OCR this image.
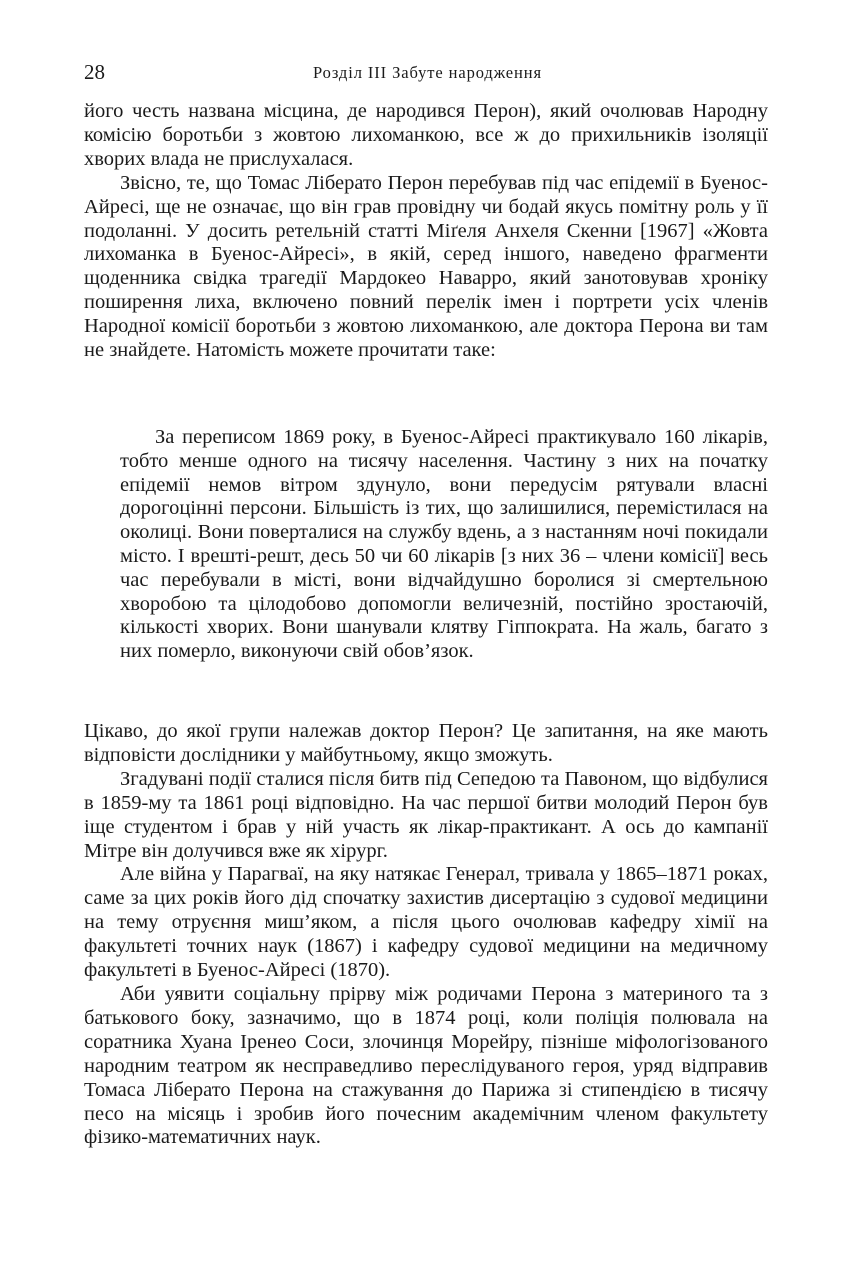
28	Розділ III Забуте народження

його честь названа місцина, де народився Перон), який очолював Народну комісію боротьби з жовтою лихоманкою, все ж до прихильників ізоляції хворих влада не прислухалася.

Звісно, те, що Томас Ліберато Перон перебував під час епідемії в Буенос-Айресі, ще не означає, що він грав провідну чи бодай якусь помітну роль у її подоланні. У досить ретельній статті Міґеля Анхеля Скенни [1967] «Жовта лихоманка в Буенос-Айресі», в якій, серед іншого, наведено фрагменти щоденника свідка трагедії Мардокео Наварро, який занотовував хроніку поширення лиха, включено повний перелік імен і портрети усіх членів Народної комісії боротьби з жовтою лихоманкою, але доктора Перона ви там не знайдете. Натомість можете прочитати таке:

За переписом 1869 року, в Буенос-Айресі практикувало 160 лікарів, тобто менше одного на тисячу населення. Частину з них на початку епідемії немов вітром здунуло, вони передусім рятували власні дорогоцінні персони. Більшість із тих, що залишилися, перемістилася на околиці. Вони поверталися на службу вдень, а з настанням ночі покидали місто. І врешті-решт, десь 50 чи 60 лікарів [з них 36 – члени комісії] весь час перебували в місті, вони відчайдушно боролися зі смертельною хворобою та цілодобово допомогли величезній, постійно зростаючій, кількості хворих. Вони шанували клятву Гіппократа. На жаль, багато з них померло, виконуючи свій обов’язок.

Цікаво, до якої групи належав доктор Перон? Це запитання, на яке мають відповісти дослідники у майбутньому, якщо зможуть.

Згадувані події сталися після битв під Сепедою та Павоном, що відбулися в 1859-му та 1861 році відповідно. На час першої битви молодий Перон був іще студентом і брав у ній участь як лікар-практикант. А ось до кампанії Мітре він долучився вже як хірург.

Але війна у Парагваї, на яку натякає Генерал, тривала у 1865–1871 роках, саме за цих років його дід спочатку захистив дисертацію з судової медицини на тему отруєння миш’яком, а після цього очолював кафедру хімії на факультеті точних наук (1867) і кафедру судової медицини на медичному факультеті в Буенос-Айресі (1870).

Аби уявити соціальну прірву між родичами Перона з материного та з батькового боку, зазначимо, що в 1874 році, коли поліція полювала на соратника Хуана Іренео Соси, злочинця Морейру, пізніше міфологізованого народним театром як несправедливо переслідуваного героя, уряд відправив Томаса Ліберато Перона на стажування до Парижа зі стипендією в тисячу песо на місяць і зробив його почесним академічним членом факультету фізико-математичних наук.
